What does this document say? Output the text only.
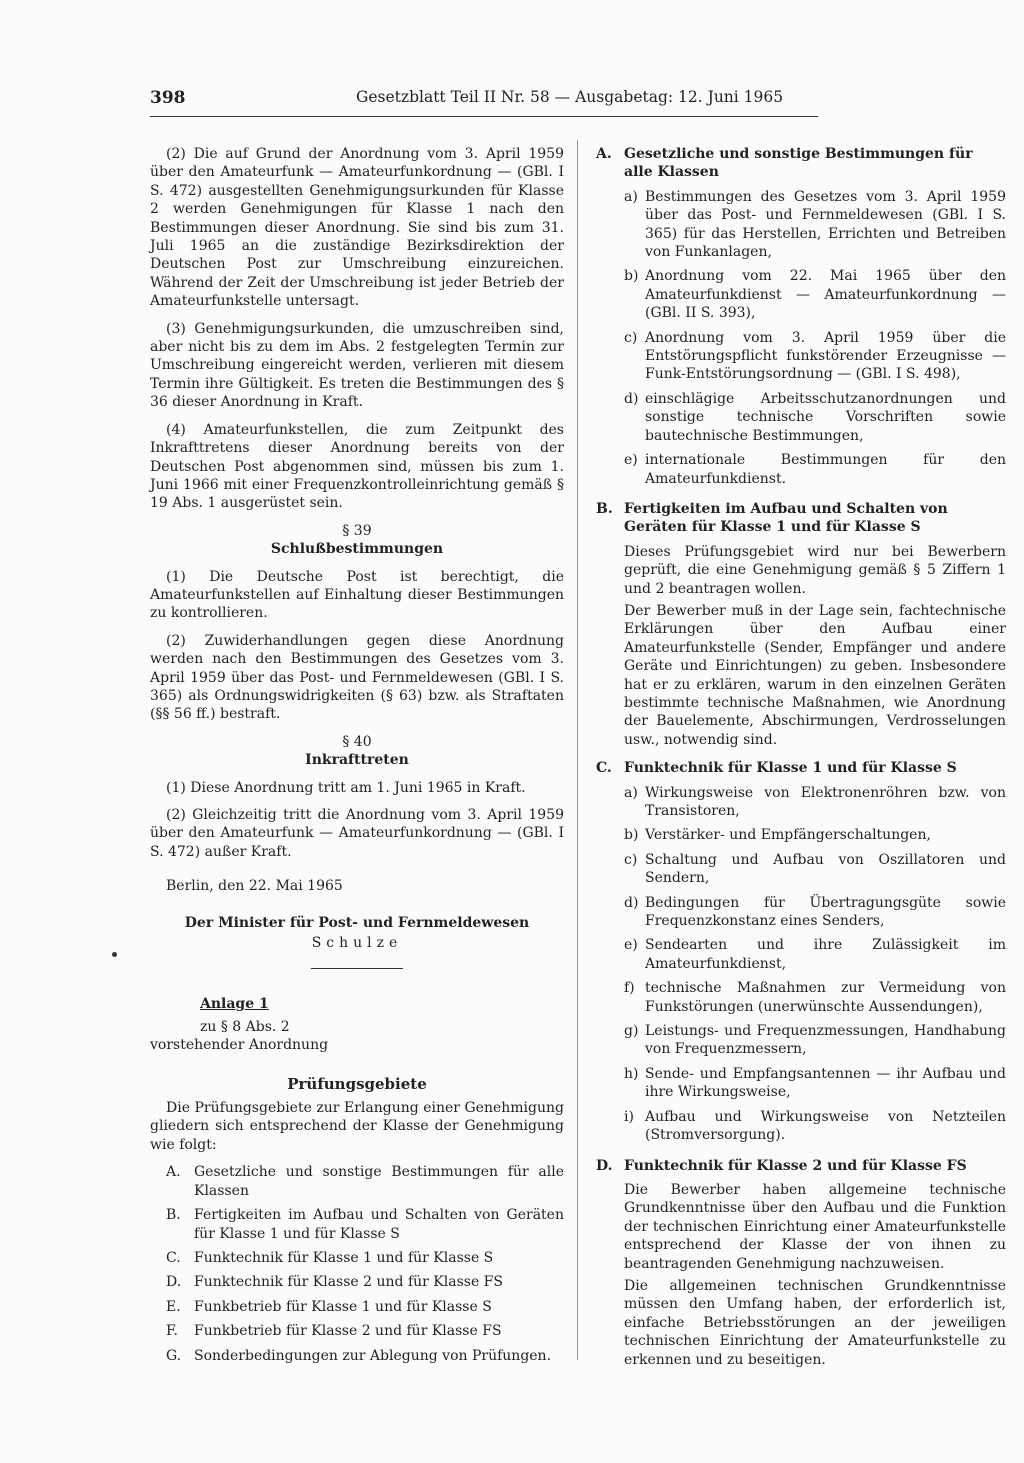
398	Gesetzblatt Teil II Nr. 58 — Ausgabetag: 12. Juni 1965

(2) Die auf Grund der Anordnung vom 3. April 1959 über den Amateurfunk — Amateurfunkordnung — (GBl. I S. 472) ausgestellten Genehmigungsurkunden für Klasse 2 werden Genehmigungen für Klasse 1 nach den Bestimmungen dieser Anordnung. Sie sind bis zum 31. Juli 1965 an die zuständige Bezirksdirektion der Deutschen Post zur Umschreibung einzureichen. Während der Zeit der Umschreibung ist jeder Betrieb der Amateurfunkstelle untersagt.

(3) Genehmigungsurkunden, die umzuschreiben sind, aber nicht bis zu dem im Abs. 2 festgelegten Termin zur Umschreibung eingereicht werden, verlieren mit diesem Termin ihre Gültigkeit. Es treten die Bestimmungen des § 36 dieser Anordnung in Kraft.

(4) Amateurfunkstellen, die zum Zeitpunkt des Inkrafttretens dieser Anordnung bereits von der Deutschen Post abgenommen sind, müssen bis zum 1. Juni 1966 mit einer Frequenzkontrolleinrichtung gemäß § 19 Abs. 1 ausgerüstet sein.

§ 39

Schlußbestimmungen

(1) Die Deutsche Post ist berechtigt, die Amateurfunkstellen auf Einhaltung dieser Bestimmungen zu kontrollieren.

(2) Zuwiderhandlungen gegen diese Anordnung werden nach den Bestimmungen des Gesetzes vom 3. April 1959 über das Post- und Fernmeldewesen (GBl. I S. 365) als Ordnungswidrigkeiten (§ 63) bzw. als Straftaten (§§ 56 ff.) bestraft.

§ 40

Inkrafttreten

(1) Diese Anordnung tritt am 1. Juni 1965 in Kraft.

(2) Gleichzeitig tritt die Anordnung vom 3. April 1959 über den Amateurfunk — Amateurfunkordnung — (GBl. I S. 472) außer Kraft.

Berlin, den 22. Mai 1965

Der Minister für Post- und Fernmeldewesen

Schulze

Anlage 1

zu § 8 Abs. 2

vorstehender Anordnung

Prüfungsgebiete

Die Prüfungsgebiete zur Erlangung einer Genehmigung gliedern sich entsprechend der Klasse der Genehmigung wie folgt:

A. Gesetzliche und sonstige Bestimmungen für alle Klassen
B. Fertigkeiten im Aufbau und Schalten von Geräten für Klasse 1 und für Klasse S
C. Funktechnik für Klasse 1 und für Klasse S
D. Funktechnik für Klasse 2 und für Klasse FS
E. Funkbetrieb für Klasse 1 und für Klasse S
F. Funkbetrieb für Klasse 2 und für Klasse FS
G. Sonderbedingungen zur Ablegung von Prüfungen.
A. Gesetzliche und sonstige Bestimmungen für alle Klassen
a) Bestimmungen des Gesetzes vom 3. April 1959 über das Post- und Fernmeldewesen (GBl. I S. 365) für das Herstellen, Errichten und Betreiben von Funkanlagen,
b) Anordnung vom 22. Mai 1965 über den Amateurfunkdienst — Amateurfunkordnung — (GBl. II S. 393),
c) Anordnung vom 3. April 1959 über die Entstörungspflicht funkstörender Erzeugnisse — Funk-Entstörungsordnung — (GBl. I S. 498),
d) einschlägige Arbeitsschutzanordnungen und sonstige technische Vorschriften sowie bautechnische Bestimmungen,
e) internationale Bestimmungen für den Amateurfunkdienst.
B. Fertigkeiten im Aufbau und Schalten von Geräten für Klasse 1 und für Klasse S

Dieses Prüfungsgebiet wird nur bei Bewerbern geprüft, die eine Genehmigung gemäß § 5 Ziffern 1 und 2 beantragen wollen.

Der Bewerber muß in der Lage sein, fachtechnische Erklärungen über den Aufbau einer Amateurfunkstelle (Sender, Empfänger und andere Geräte und Einrichtungen) zu geben. Insbesondere hat er zu erklären, warum in den einzelnen Geräten bestimmte technische Maßnahmen, wie Anordnung der Bauelemente, Abschirmungen, Verdrosselungen usw., notwendig sind.

C. Funktechnik für Klasse 1 und für Klasse S
a) Wirkungsweise von Elektronenröhren bzw. von Transistoren,
b) Verstärker- und Empfängerschaltungen,
c) Schaltung und Aufbau von Oszillatoren und Sendern,
d) Bedingungen für Übertragungsgüte sowie Frequenzkonstanz eines Senders,
e) Sendearten und ihre Zulässigkeit im Amateurfunkdienst,
f) technische Maßnahmen zur Vermeidung von Funkstörungen (unerwünschte Aussendungen),
g) Leistungs- und Frequenzmessungen, Handhabung von Frequenzmessern,
h) Sende- und Empfangsantennen — ihr Aufbau und ihre Wirkungsweise,
i) Aufbau und Wirkungsweise von Netzteilen (Stromversorgung).
D. Funktechnik für Klasse 2 und für Klasse FS

Die Bewerber haben allgemeine technische Grundkenntnisse über den Aufbau und die Funktion der technischen Einrichtung einer Amateurfunkstelle entsprechend der Klasse der von ihnen zu beantragenden Genehmigung nachzuweisen.

Die allgemeinen technischen Grundkenntnisse müssen den Umfang haben, der erforderlich ist, einfache Betriebsstörungen an der jeweiligen technischen Einrichtung der Amateurfunkstelle zu erkennen und zu beseitigen.
